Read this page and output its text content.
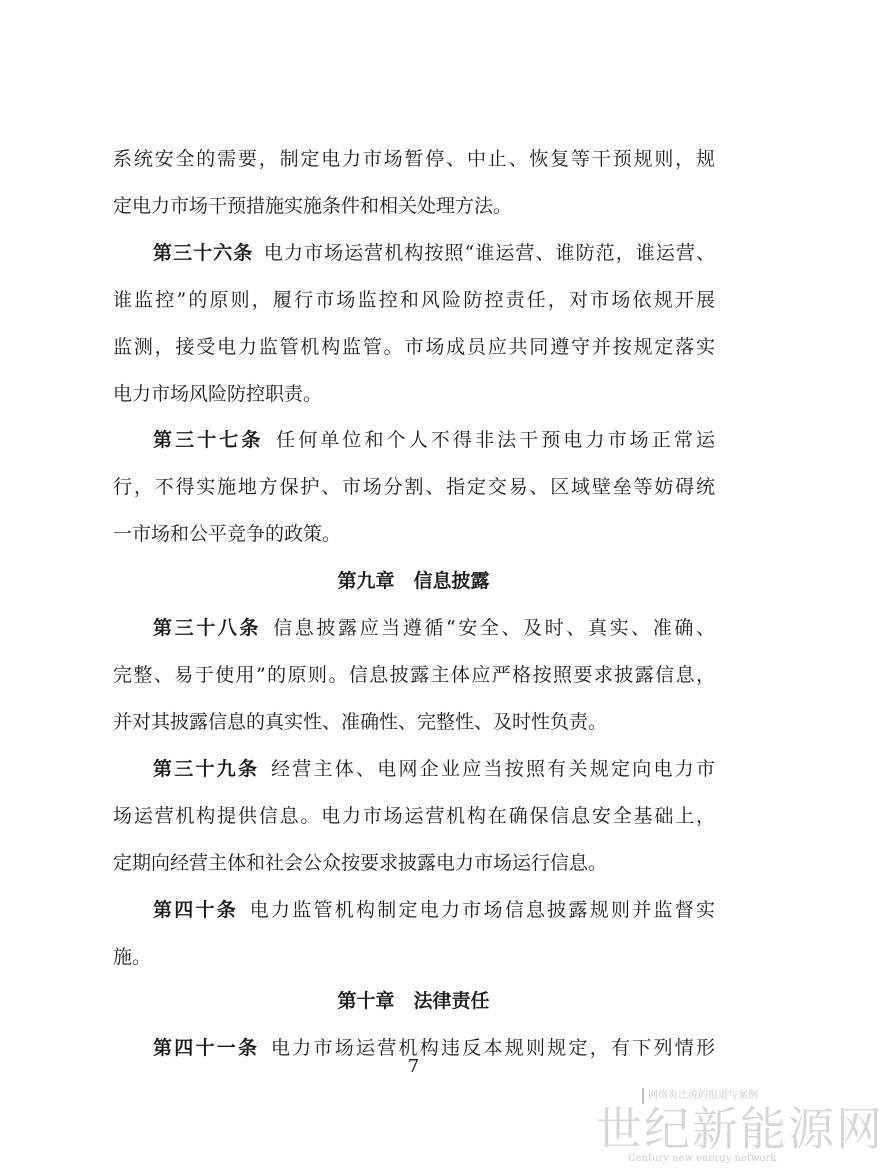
系统安全的需要，制定电力市场暂停、中止、恢复等干预规则，规
定电力市场干预措施实施条件和相关处理方法。
第三十六条  电力市场运营机构按照“谁运营、谁防范，谁运营、
谁监控”的原则，履行市场监控和风险防控责任，对市场依规开展
监测，接受电力监管机构监管。市场成员应共同遵守并按规定落实
电力市场风险防控职责。
第三十七条  任何单位和个人不得非法干预电力市场正常运
行，不得实施地方保护、市场分割、指定交易、区域壁垒等妨碍统
一市场和公平竞争的政策。
第九章　信息披露
第三十八条  信息披露应当遵循“安全、及时、真实、准确、
完整、易于使用”的原则。信息披露主体应严格按照要求披露信息，
并对其披露信息的真实性、准确性、完整性、及时性负责。
第三十九条  经营主体、电网企业应当按照有关规定向电力市
场运营机构提供信息。电力市场运营机构在确保信息安全基础上，
定期向经营主体和社会公众按要求披露电力市场运行信息。
第四十条  电力监管机构制定电力市场信息披露规则并监督实
施。
第十章　法律责任
第四十一条  电力市场运营机构违反本规则规定，有下列情形
7
网络炎比流的报道与案例
世纪新能源网
Century new energy network
